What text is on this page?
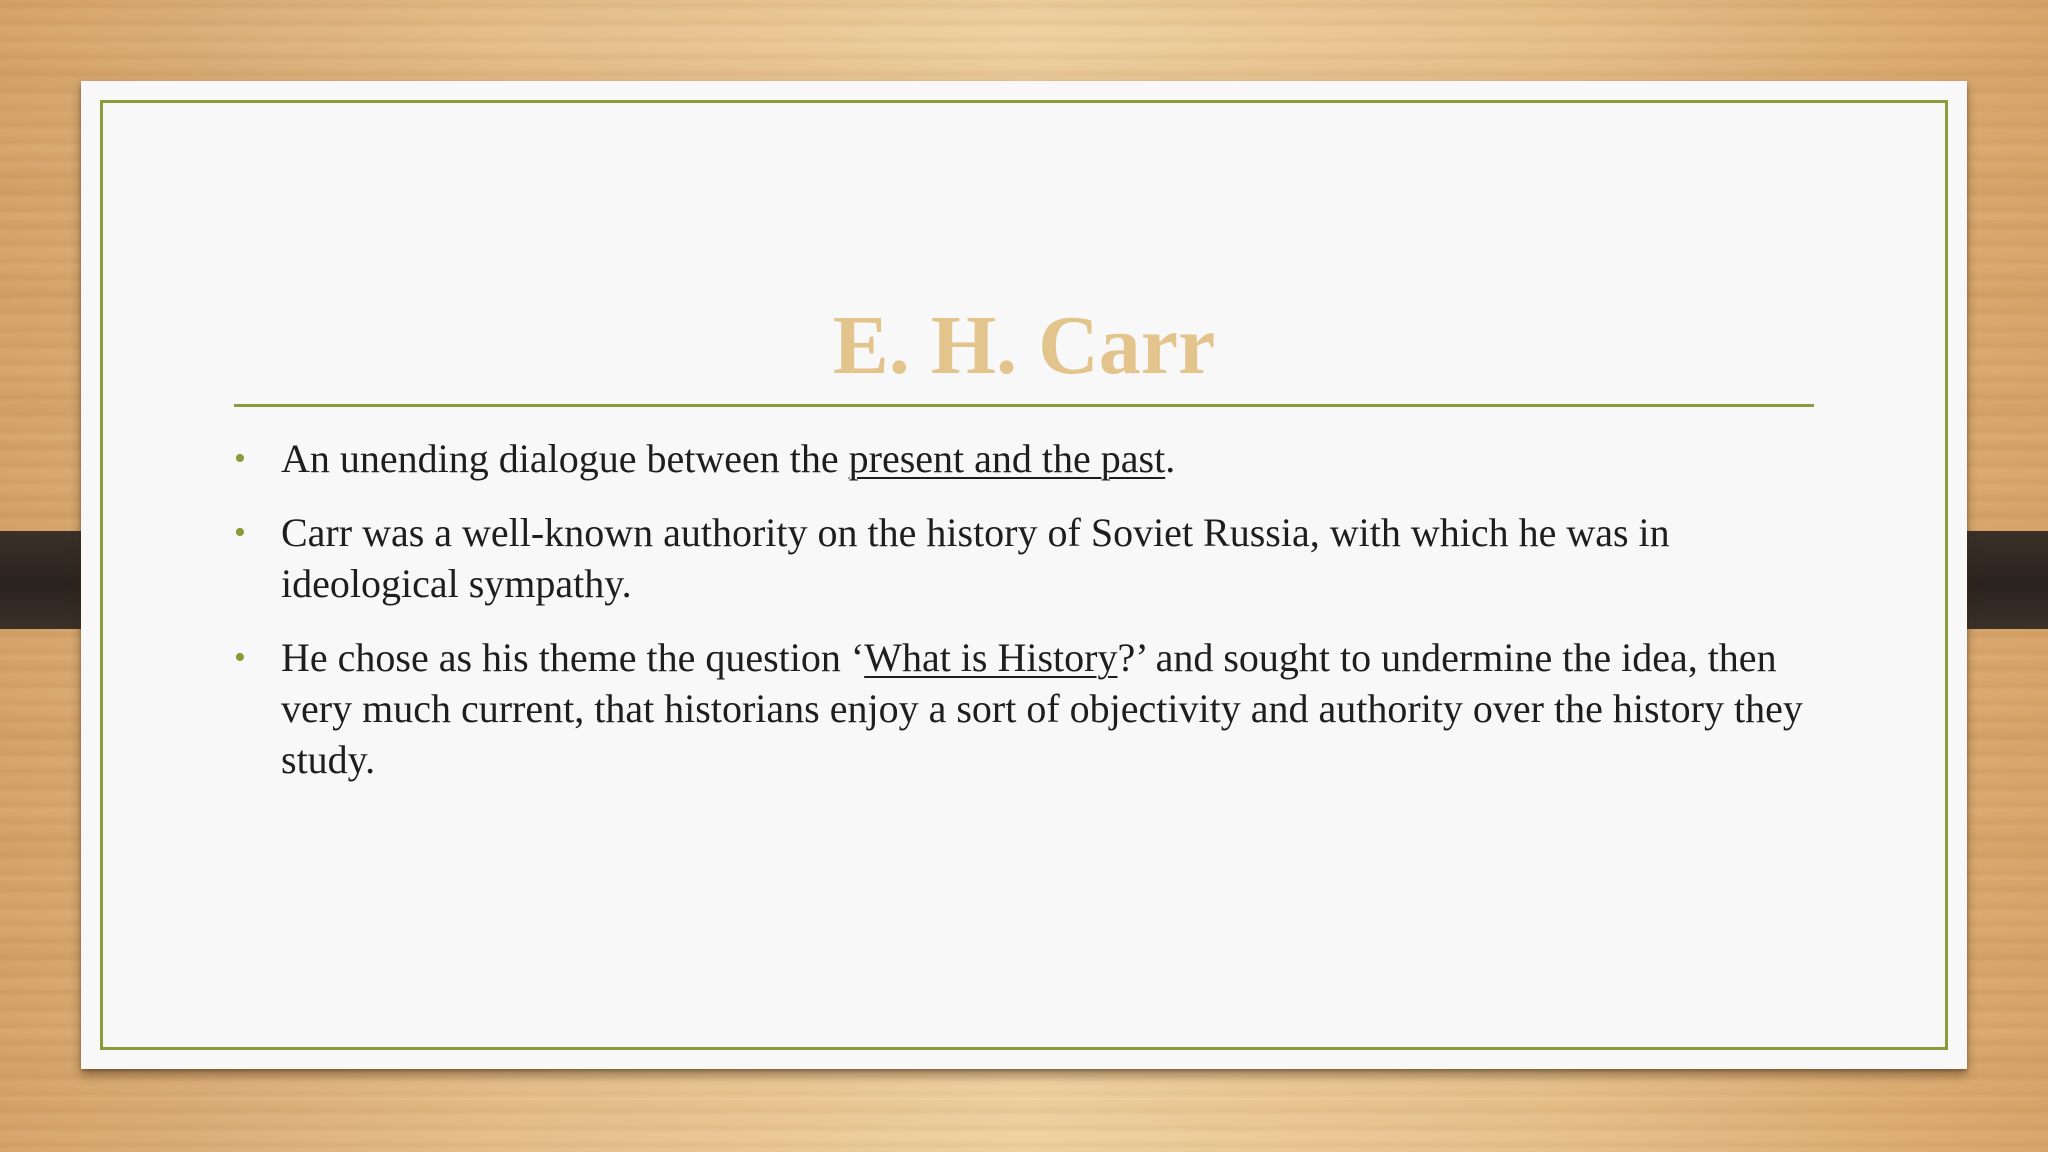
E. H. Carr
• An unending dialogue between the present and the past.
• Carr was a well-known authority on the history of Soviet Russia, with which he was in ideological sympathy.
• He chose as his theme the question ‘What is History?’ and sought to undermine the idea, then very much current, that historians enjoy a sort of objectivity and authority over the history they study.
